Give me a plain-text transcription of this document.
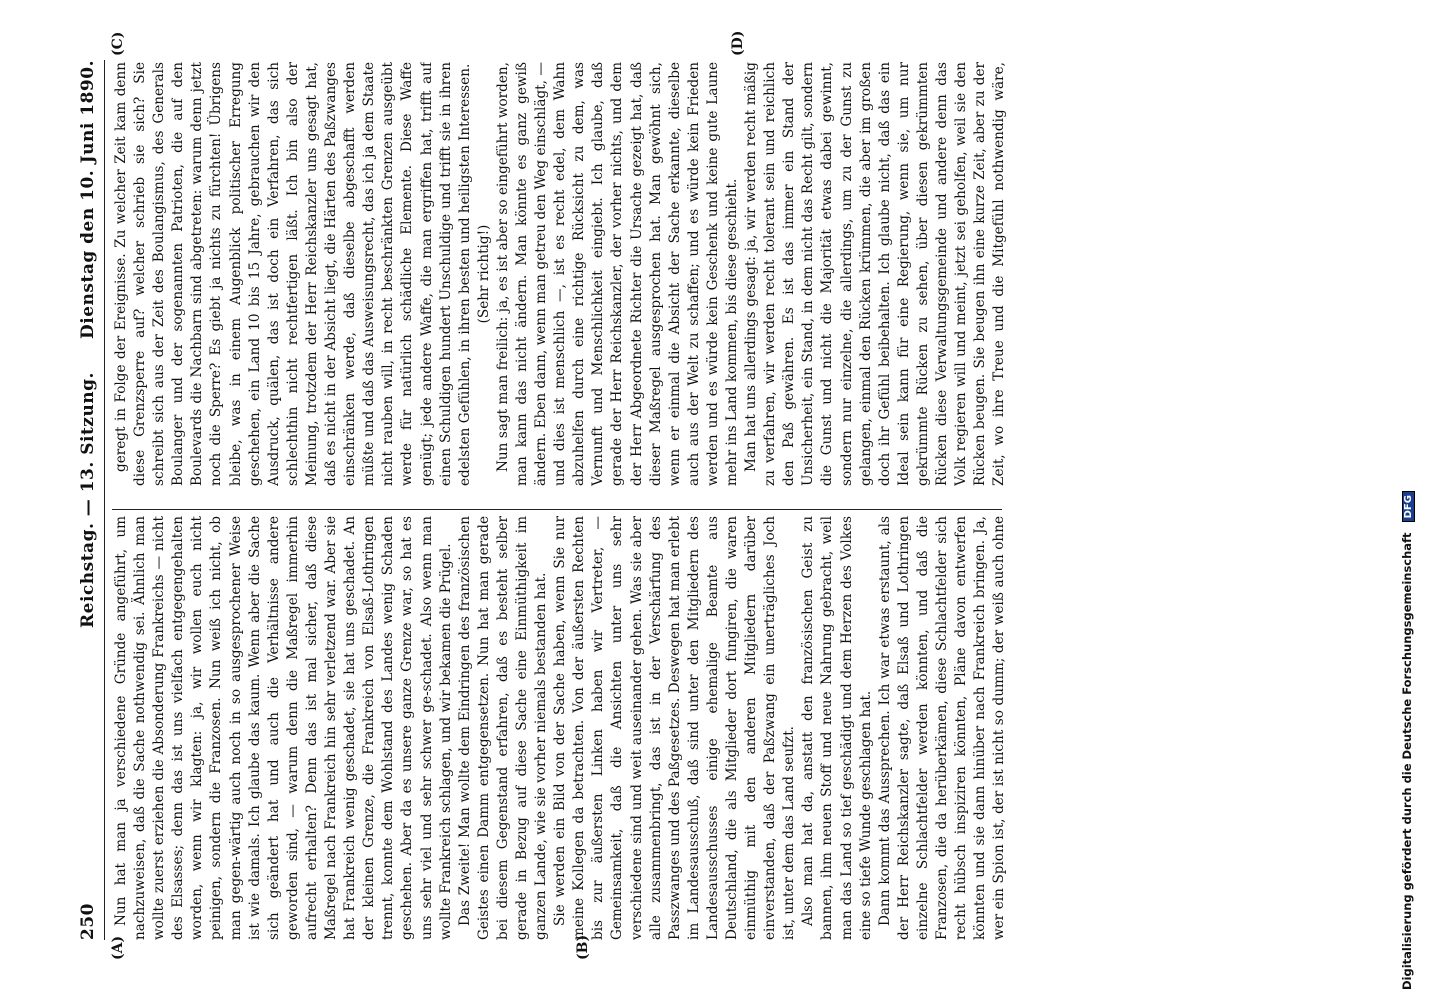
250
Reichstag. — 13. Sitzung.
Dienstag den 10. Juni 1890.
(A)	(B)
(C)	(D)

Nun hat man ja verschiedene Gründe angeführt, um nachzuweisen, daß die Sache nothwendig sei. Ähnlich man wollte zuerst erziehen die Absonderung Frankreichs — nicht des Elsasses; denn das ist uns vielfach entgegengehalten worden, wenn wir klagten: ja, wir wollen euch nicht peinigen, sondern die Franzosen. Nun weiß ich nicht, ob man gegen-wärtig auch noch in so ausgesprochener Weise ist wie damals. Ich glaube das kaum. Wenn aber die Sache sich geändert hat und auch die Verhältnisse andere geworden sind, — warum denn die Maßregel immerhin aufrecht erhalten? Denn das ist mal sicher, daß diese Maßregel nach Frankreich hin sehr verletzend war. Aber sie hat Frankreich wenig geschadet, sie hat uns geschadet. An der kleinen Grenze, die Frankreich von Elsaß-Lothringen trennt, konnte dem Wohlstand des Landes wenig Schaden geschehen. Aber da es unsere ganze Grenze war, so hat es uns sehr viel und sehr schwer ge-schadet. Also wenn man wollte Frankreich schlagen, und wir bekamen die Prügel. Das Zweite! Man wollte dem Eindringen des französischen Geistes einen Damm entgegensetzen. Nun hat man gerade bei diesem Gegenstand erfahren, daß es besteht selber gerade in Bezug auf diese Sache eine Einmüthigkeit im ganzen Lande, wie sie vorher niemals bestanden hat. Sie werden ein Bild von der Sache haben, wenn Sie nur meine Kollegen da betrachten. Von der äußersten Rechten bis zur äußersten Linken haben wir Vertreter, — Gemeinsamkeit, daß die Ansichten unter uns sehr verschiedene sind und weit auseinander gehen. Was sie aber alle zusammenbringt, das ist in der Verschärfung des Passzwanges und des Paßgesetzes. Deswegen hat man erlebt im Landesausschuß, daß sind unter den Mitgliedern des Landesausschusses einige ehemalige Beamte aus Deutschland, die als Mitglieder dort fungiren, die waren einmüthig mit den anderen Mitgliedern darüber einverstanden, daß der Paßzwang ein unerträgliches Joch ist, unter dem das Land seufzt. Also man hat da, anstatt den französischen Geist zu bannen, ihm neuen Stoff und neue Nahrung gebracht, weil man das Land so tief geschädigt und dem Herzen des Volkes eine so tiefe Wunde geschlagen hat. Dann kommt das Aussprechen. Ich war etwas erstaunt, als der Herr Reichskanzler sagte, daß Elsaß und Lothringen einzelne Schlachtfelder werden könnten, und daß die Franzosen, die da herüberkämen, diese Schlachtfelder sich recht hübsch inspiziren könnten, Pläne davon entwerfen könnten und sie dann hinüber nach Frankreich bringen. Ja, wer ein Spion ist, der ist nicht so dumm; der weiß auch ohne

geregt in Folge der Ereignisse. Zu welcher Zeit kam denn diese Grenzsperre auf? welcher schrieb sie sich? Sie schreibt sich aus der Zeit des Boulangismus, des Generals Boulanger und der sogenannten Patrioten, die auf den Boulevards die Nachbarn sind abgetreten: warum denn jetzt noch die Sperre? Es giebt ja nichts zu fürchten! Übrigens bleibe, was in einem Augenblick politischer Erregung geschehen, ein Land 10 bis 15 Jahre, gebrauchen wir den Ausdruck, quälen, das ist doch ein Verfahren, das sich schlechthin nicht rechtfertigen läßt. Ich bin also der Meinung, trotzdem der Herr Reichskanzler uns gesagt hat, daß es nicht in der Absicht liegt, die Härten des Paßzwanges einschränken werde, daß dieselbe abgeschafft werden müßte und daß das Ausweisungsrecht, das ich ja dem Staate nicht rauben will, in recht beschränkten Grenzen ausgeübt werde für natürlich schädliche Elemente. Diese Waffe genügt; jede andere Waffe, die man ergriffen hat, trifft auf einen Schuldigen hundert Unschuldige und trifft sie in ihren edelsten Gefühlen, in ihren besten und heiligsten Interessen. (Sehr richtig!) Nun sagt man freilich: ja, es ist aber so eingeführt worden, man kann das nicht ändern. Man könnte es ganz gewiß ändern. Eben dann, wenn man getreu den Weg einschlägt, — und dies ist menschlich —, ist es recht edel, dem Wahn abzuhelfen durch eine richtige Rücksicht zu dem, was Vernunft und Menschlichkeit eingiebt. Ich glaube, daß gerade der Herr Reichskanzler, der vorher nichts, und dem der Herr Abgeordnete Richter die Ursache gezeigt hat, daß dieser Maßregel ausgesprochen hat. Man gewöhnt sich, wenn er einmal die Absicht der Sache erkannte, dieselbe auch aus der Welt zu schaffen; und es würde kein Frieden werden und es würde kein Geschenk und keine gute Laune mehr ins Land kommen, bis diese geschieht. Man hat uns allerdings gesagt: ja, wir werden recht mäßig zu verfahren, wir werden recht tolerant sein und reichlich den Paß gewähren. Es ist das immer ein Stand der Unsicherheit, ein Stand, in dem nicht das Recht gilt, sondern die Gunst und nicht die Majorität etwas dabei gewinnt, sondern nur einzelne, die allerdings, um zu der Gunst zu gelangen, einmal den Rücken krümmen, die aber im großen doch ihr Gefühl beibehalten. Ich glaube nicht, daß das ein Ideal sein kann für eine Regierung, wenn sie, um nur gekrümmte Rücken zu sehen, über diesen gekrümmten Rücken diese Verwaltungsgemeinde und andere denn das Volk regieren will und meint, jetzt sei geholfen, weil sie den Rücken beugen. Sie beugen ihn eine kurze Zeit, aber zu der Zeit, wo ihre Treue und die Mitgefühl nothwendig wäre,

Digitalisierung gefördert durch die Deutsche Forschungsgemeinschaft DFG
